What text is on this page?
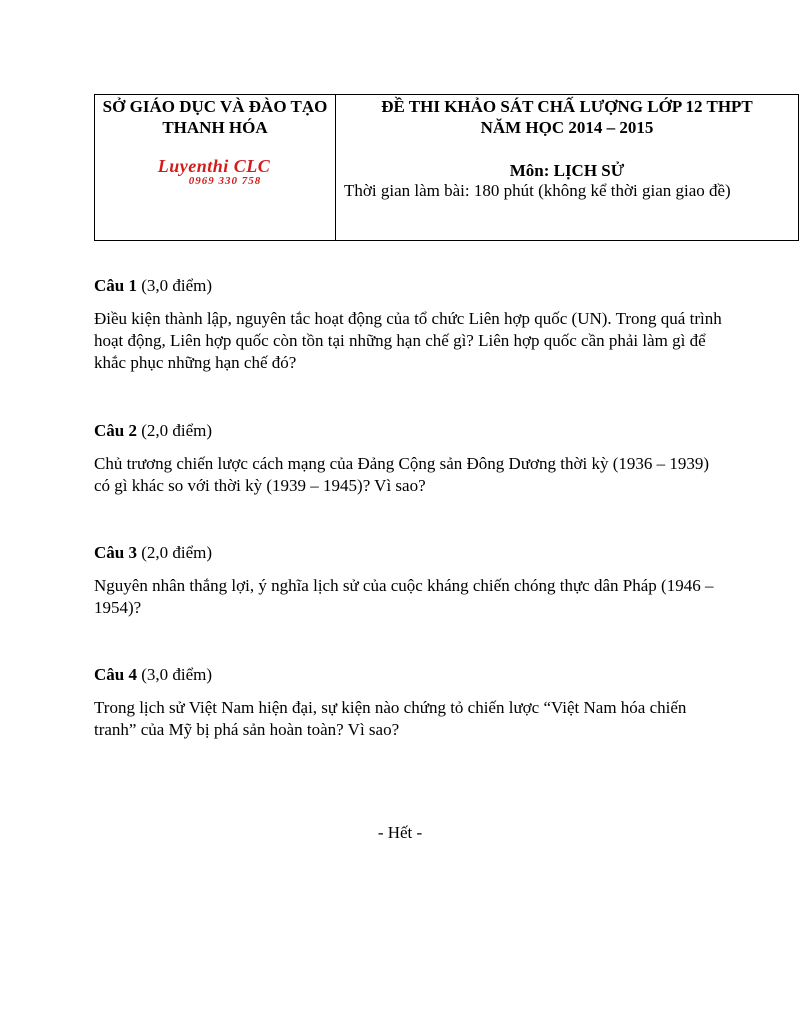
SỞ GIÁO DỤC VÀ ĐÀO TẠO THANH HÓA
Luyenthi CLC
0969 330 758
ĐỀ THI KHẢO SÁT CHẤ LƯỢNG LỚP 12 THPT
NĂM HỌC 2014 – 2015
Môn: LỊCH SỬ
Thời gian làm bài: 180 phút (không kể thời gian giao đề)
Câu 1 (3,0 điểm)
Điều kiện thành lập, nguyên tắc hoạt động của tổ chức Liên hợp quốc (UN). Trong quá trình hoạt động, Liên hợp quốc còn tồn tại những hạn chế gì? Liên hợp quốc cần phải làm gì để khắc phục những hạn chế đó?
Câu 2 (2,0 điểm)
Chủ trương chiến lược cách mạng của Đảng Cộng sản Đông Dương thời kỳ (1936 – 1939) có gì khác so với thời kỳ (1939 – 1945)? Vì sao?
Câu 3 (2,0 điểm)
Nguyên nhân thắng lợi, ý nghĩa lịch sử của cuộc kháng chiến chóng thực dân Pháp (1946 – 1954)?
Câu 4 (3,0 điểm)
Trong lịch sử Việt Nam hiện đại, sự kiện nào chứng tỏ chiến lược “Việt Nam hóa chiến tranh” của Mỹ bị phá sản hoàn toàn? Vì sao?
- Hết -
